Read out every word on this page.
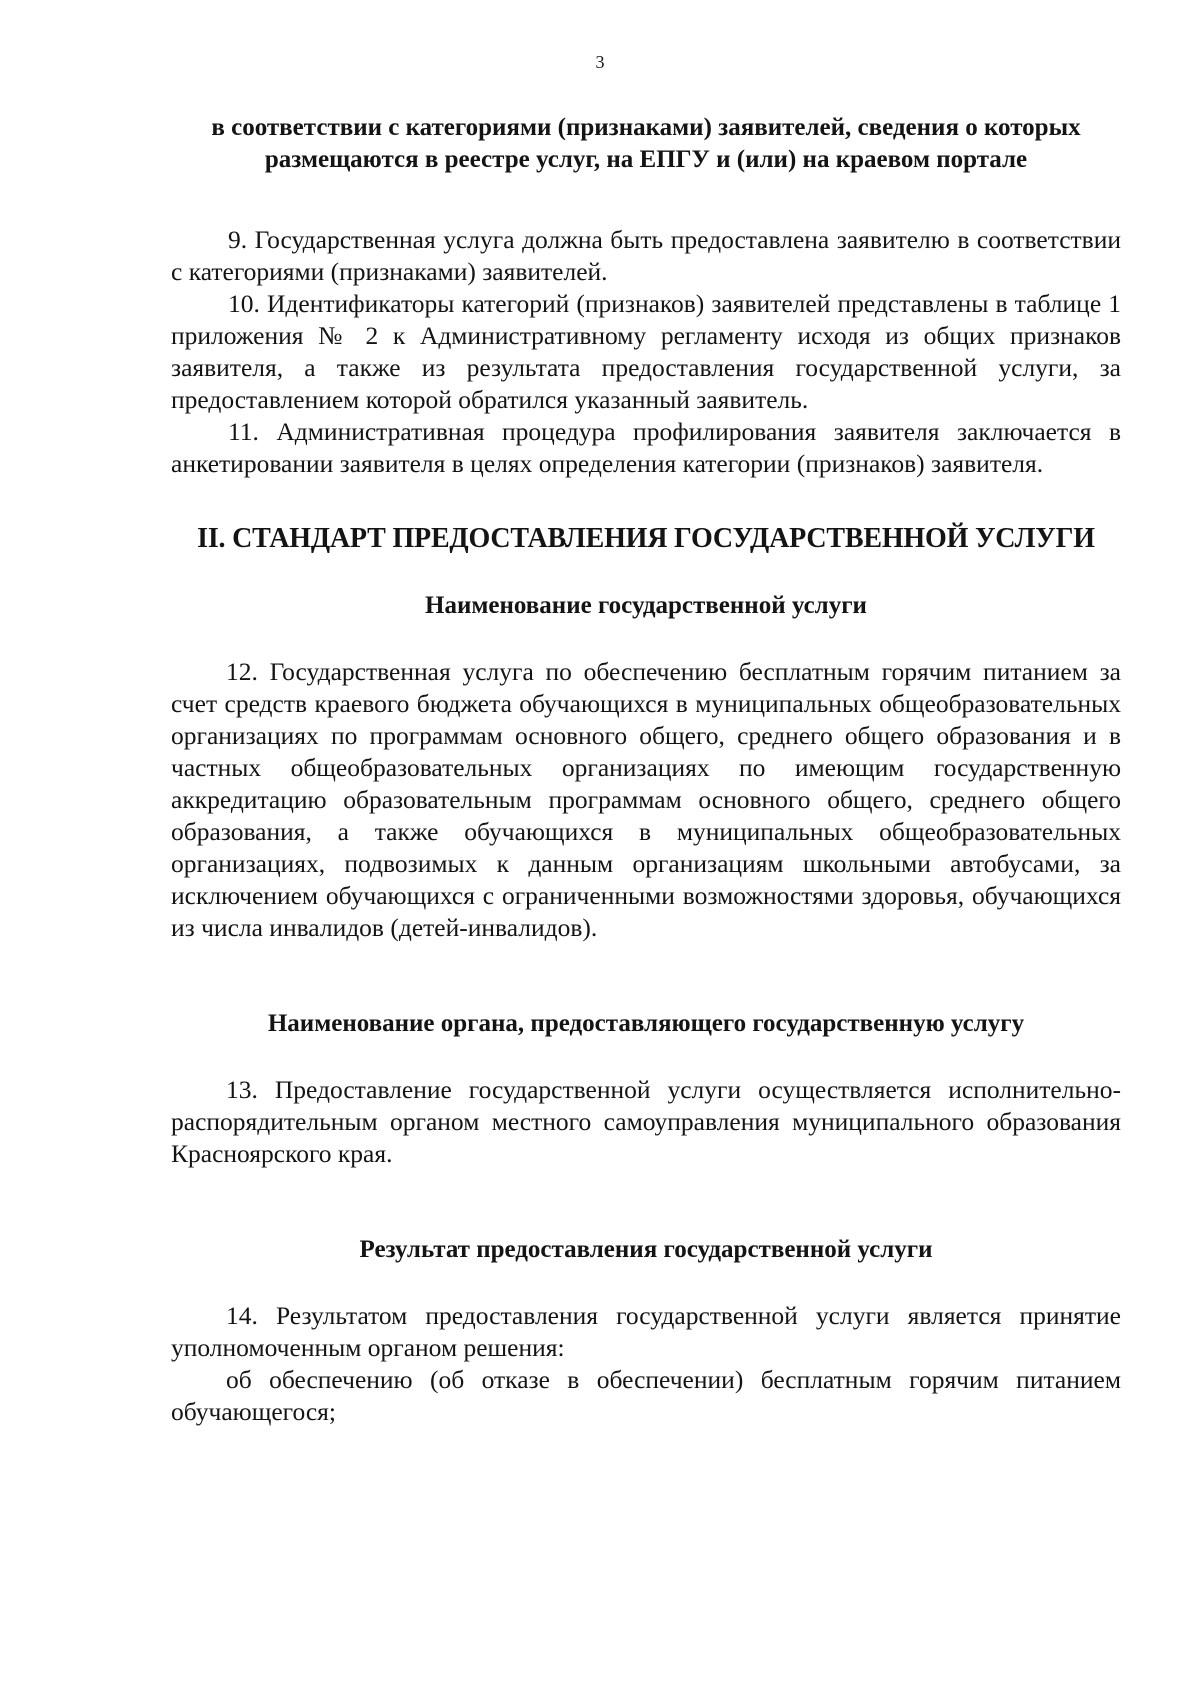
3

в соответствии с категориями (признаками) заявителей, сведения о которых размещаются в реестре услуг, на ЕПГУ и (или) на краевом портале

9. Государственная услуга должна быть предоставлена заявителю в соответствии с категориями (признаками) заявителей.

10. Идентификаторы категорий (признаков) заявителей представлены в таблице 1 приложения № 2 к Административному регламенту исходя из общих признаков заявителя, а также из результата предоставления государственной услуги, за предоставлением которой обратился указанный заявитель.

11. Административная процедура профилирования заявителя заключается в анкетировании заявителя в целях определения категории (признаков) заявителя.

II. СТАНДАРТ ПРЕДОСТАВЛЕНИЯ ГОСУДАРСТВЕННОЙ УСЛУГИ

Наименование государственной услуги

12. Государственная услуга по обеспечению бесплатным горячим питанием за счет средств краевого бюджета обучающихся в муниципальных общеобразовательных организациях по программам основного общего, среднего общего образования и в частных общеобразовательных организациях по имеющим государственную аккредитацию образовательным программам основного общего, среднего общего образования, а также обучающихся в муниципальных общеобразовательных организациях, подвозимых к данным организациям школьными автобусами, за исключением обучающихся с ограниченными возможностями здоровья, обучающихся из числа инвалидов (детей-инвалидов).

Наименование органа, предоставляющего государственную услугу

13. Предоставление государственной услуги осуществляется исполнительно-распорядительным органом местного самоуправления муниципального образования Красноярского края.

Результат предоставления государственной услуги

14. Результатом предоставления государственной услуги является принятие уполномоченным органом решения:

об обеспечению (об отказе в обеспечении) бесплатным горячим питанием обучающегося;
